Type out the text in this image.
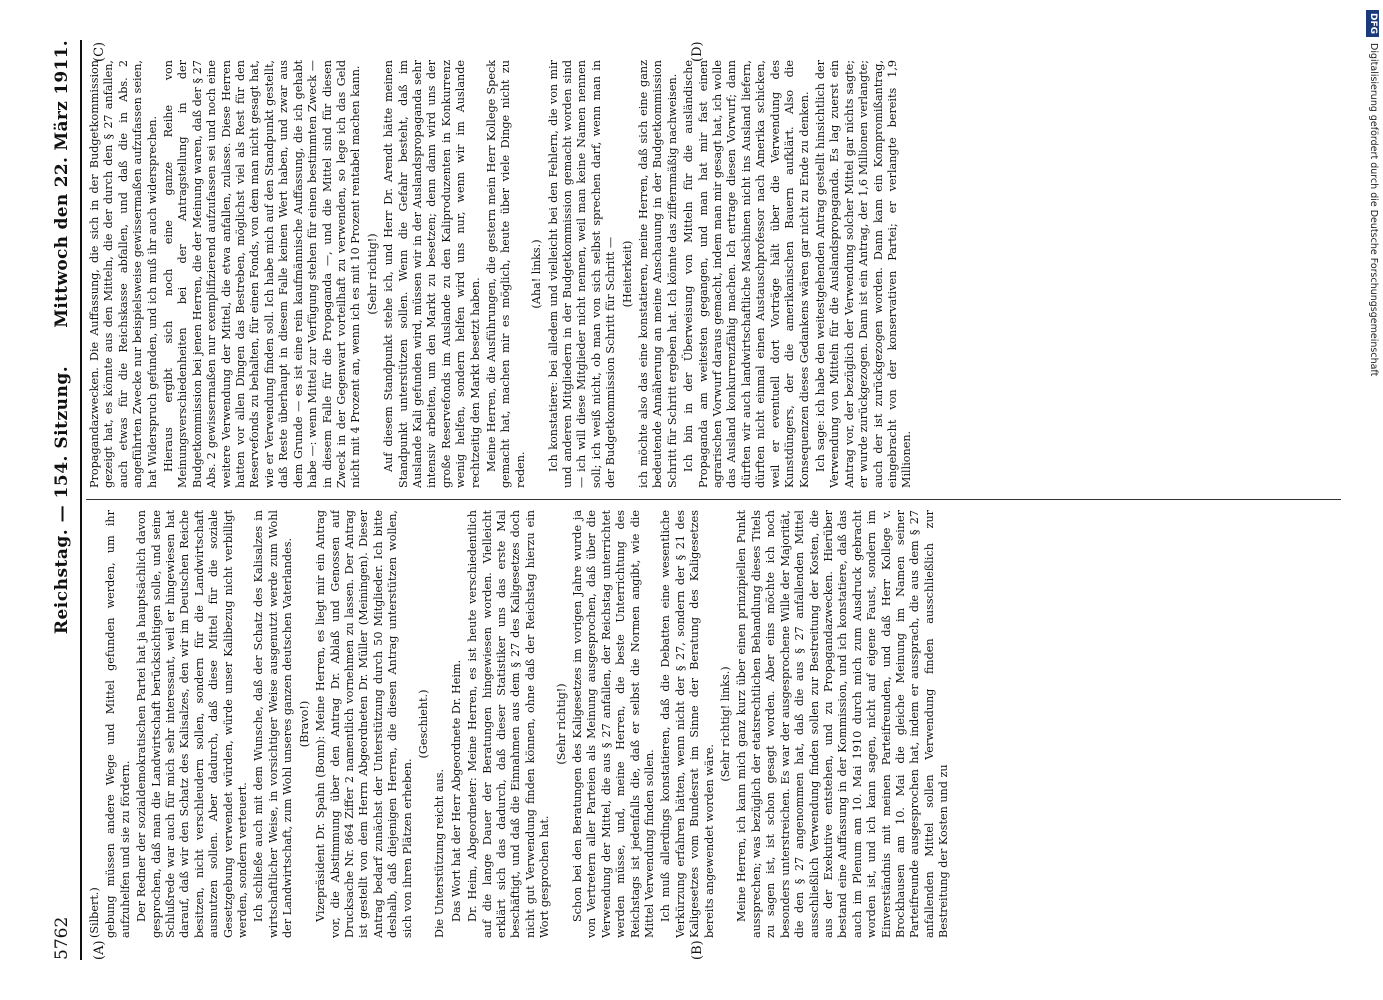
5762
Reichstag. — 154. Sitzung.
Mittwoch den 22. März 1911.
(A)	(B)
(C)	(D)

(Silbert.) gebung müssen andere Wege und Mittel gefunden werden, um ihr aufzuhelfen und sie zu fördern. Der Redner der sozialdemokratischen Partei hat ja hauptsächlich davon gesprochen, daß man die Landwirtschaft berücksichtigen solle, und seine Schlußrede war auch für mich sehr interessant, weil er hingewiesen hat darauf, daß wir den Schatz des Kalisalzes, den wir im Deutschen Reiche besitzen, nicht verschleudern sollen, sondern für die Landwirtschaft ausnutzen sollen. Aber dadurch, daß diese Mittel für die soziale Gesetzgebung verwendet würden, würde unser Kalibezug nicht verbilligt werden, sondern verteuert. Ich schließe auch mit dem Wunsche, daß der Schatz des Kalisalzes in wirtschaftlicher Weise, in vorsichtiger Weise ausgenutzt werde zum Wohl der Landwirtschaft, zum Wohl unseres ganzen deutschen Vaterlandes. (Bravo!) Vizepräsident Dr. Spahn (Bonn): Meine Herren, es liegt mir ein Antrag vor, die Abstimmung über den Antrag Dr. Ablaß und Genossen auf Drucksache Nr. 864 Ziffer 2 namentlich vornehmen zu lassen. Der Antrag ist gestellt von dem Herrn Abgeordneten Dr. Müller (Meiningen). Dieser Antrag bedarf zunächst der Unterstützung durch 50 Mitglieder. Ich bitte deshalb, daß diejenigen Herren, die diesen Antrag unterstützen wollen, sich von ihren Plätzen erheben.

(Geschieht.)

Die Unterstützung reicht aus. Das Wort hat der Herr Abgeordnete Dr. Heim. Dr. Heim, Abgeordneter: Meine Herren, es ist heute verschiedentlich auf die lange Dauer der Beratungen hingewiesen worden. Vielleicht erklärt sich das dadurch, daß dieser Statistiker uns das erste Mal beschäftigt, und daß die Einnahmen aus dem § 27 des Kaligesetzes doch nicht gut Verwendung finden können, ohne daß der Reichstag hierzu ein Wort gesprochen hat.

(Sehr richtig!) Schon bei den Beratungen des Kaligesetzes im vorigen Jahre wurde ja von Vertretern aller Parteien als Meinung ausgesprochen, daß über die Verwendung der Mittel, die aus § 27 anfallen, der Reichstag unterrichtet werden müsse, und, meine Herren, die beste Unterrichtung des Reichstags ist jedenfalls die, daß er selbst die Normen angibt, wie die Mittel Verwendung finden sollen. Ich muß allerdings konstatieren, daß die Debatten eine wesentliche Verkürzung erfahren hätten, wenn nicht der § 27, sondern der § 21 des Kaligesetzes vom Bundesrat im Sinne der Beratung des Kaligesetzes bereits angewendet worden wäre.

(Sehr richtig! links.) Meine Herren, ich kann mich ganz kurz über einen prinzipiellen Punkt aussprechen; was bezüglich der etatsrechtlichen Behandlung dieses Titels zu sagen ist, ist schon gesagt worden. Aber eins möchte ich noch besonders unterstreichen. Es war der ausgesprochene Wille der Majorität, die den § 27 angenommen hat, daß die aus § 27 anfallenden Mittel ausschließlich Verwendung finden sollen zur Bestreitung der Kosten, die aus der Exekutive entstehen, und zu Propagandazwecken. Hierüber bestand eine Auffassung in der Kommission, und ich konstatiere, daß das auch im Plenum am 10. Mai 1910 durch mich zum Ausdruck gebracht worden ist, und ich kann sagen, nicht auf eigene Faust, sondern im Einverständnis mit meinen Parteifreunden, und daß Herr Kollege v. Brockhausen am 10. Mai die gleiche Meinung im Namen seiner Parteifreunde ausgesprochen hat, indem er aussprach, die aus dem § 27 anfallenden Mittel sollen Verwendung finden ausschließlich zur Bestreitung der Kosten und zu

Propagandazwecken. Die Auffassung, die sich in der Budgetkommission gezeigt hat, es könnte aus den Mitteln, die der durch den § 27 anfallen, auch etwas für die Reichskasse abfallen, und daß die in Abs. 2 angeführten Zwecke nur beispielsweise gewissermaßen aufzufassen seien, hat Widerspruch gefunden, und ich muß ihr auch widersprechen. Hieraus ergibt sich noch eine ganze Reihe von Meinungsverschiedenheiten bei der Antragstellung in der Budgetkommission bei jenen Herren, die der Meinung waren, daß der § 27 Abs. 2 gewissermaßen nur exemplifizierend aufzufassen sei und noch eine weitere Verwendung der Mittel, die etwa anfallen, zulasse. Diese Herren hatten vor allen Dingen das Bestreben, möglichst viel als Rest für den Reservefonds zu behalten, für einen Fonds, von dem man nicht gesagt hat, wie er Verwendung finden soll. Ich habe mich auf den Standpunkt gestellt, daß Reste überhaupt in diesem Falle keinen Wert haben, und zwar aus dem Grunde — es ist eine rein kaufmännische Auffassung, die ich gehabt habe —: wenn Mittel zur Verfügung stehen für einen bestimmten Zweck — in diesem Falle für die Propaganda —, und die Mittel sind für diesen Zweck in der Gegenwart vorteilhaft zu verwenden, so lege ich das Geld nicht mit 4 Prozent an, wenn ich es mit 10 Prozent rentabel machen kann. (Sehr richtig!) Auf diesem Standpunkt stehe ich, und Herr Dr. Arendt hätte meinen Standpunkt unterstützen sollen. Wenn die Gefahr besteht, daß im Auslande Kali gefunden wird, müssen wir in der Auslandspropaganda sehr intensiv arbeiten, um den Markt zu besetzen; denn dann wird uns der große Reservefonds im Auslande zu den Kaliproduzenten in Konkurrenz wenig helfen, sondern helfen wird uns nur, wenn wir im Auslande rechtzeitig den Markt besetzt haben. Meine Herren, die Ausführungen, die gestern mein Herr Kollege Speck gemacht hat, machen mir es möglich, heute über viele Dinge nicht zu reden.

(Aha! links.) Ich konstatiere: bei alledem und vielleicht bei den Fehlern, die von mir und anderen Mitgliedern in der Budgetkommission gemacht worden sind — ich will diese Mitglieder nicht nennen, weil man keine Namen nennen soll; ich weiß nicht, ob man von sich selbst sprechen darf, wenn man in der Budgetkommission Schritt für Schritt — (Heiterkeit) ich möchte also das eine konstatieren, meine Herren, daß sich eine ganz bedeutende Annäherung an meine Anschauung in der Budgetkommission Schritt für Schritt ergeben hat. Ich könnte das ziffernmäßig nachweisen. Ich bin in der Überweisung von Mitteln für die ausländische Propaganda am weitesten gegangen, und man hat mir fast einen agrarischen Vorwurf daraus gemacht, indem man mir gesagt hat, ich wolle das Ausland konkurrenzfähig machen. Ich ertrage diesen Vorwurf; dann dürften wir auch landwirtschaftliche Maschinen nicht ins Ausland liefern, dürften nicht einmal einen Austauschprofessor nach Amerika schicken, weil er eventuell dort Vorträge hält über die Verwendung des Kunstdüngers, der die amerikanischen Bauern aufklärt. Also die Konsequenzen dieses Gedankens wären gar nicht zu Ende zu denken. Ich sage: ich habe den weitestgehenden Antrag gestellt hinsichtlich der Verwendung von Mitteln für die Auslandspropaganda. Es lag zuerst ein Antrag vor, der bezüglich der Verwendung solcher Mittel gar nichts sagte; er wurde zurückgezogen. Dann ist ein Antrag, der 1,6 Millionen verlangte; auch der ist zurückgezogen worden. Dann kam ein Kompromißantrag, eingebracht von der konservativen Partei; er verlangte bereits 1,9 Millionen.

DFGDigitalisierung gefördert durch die Deutsche Forschungsgemeinschaft
